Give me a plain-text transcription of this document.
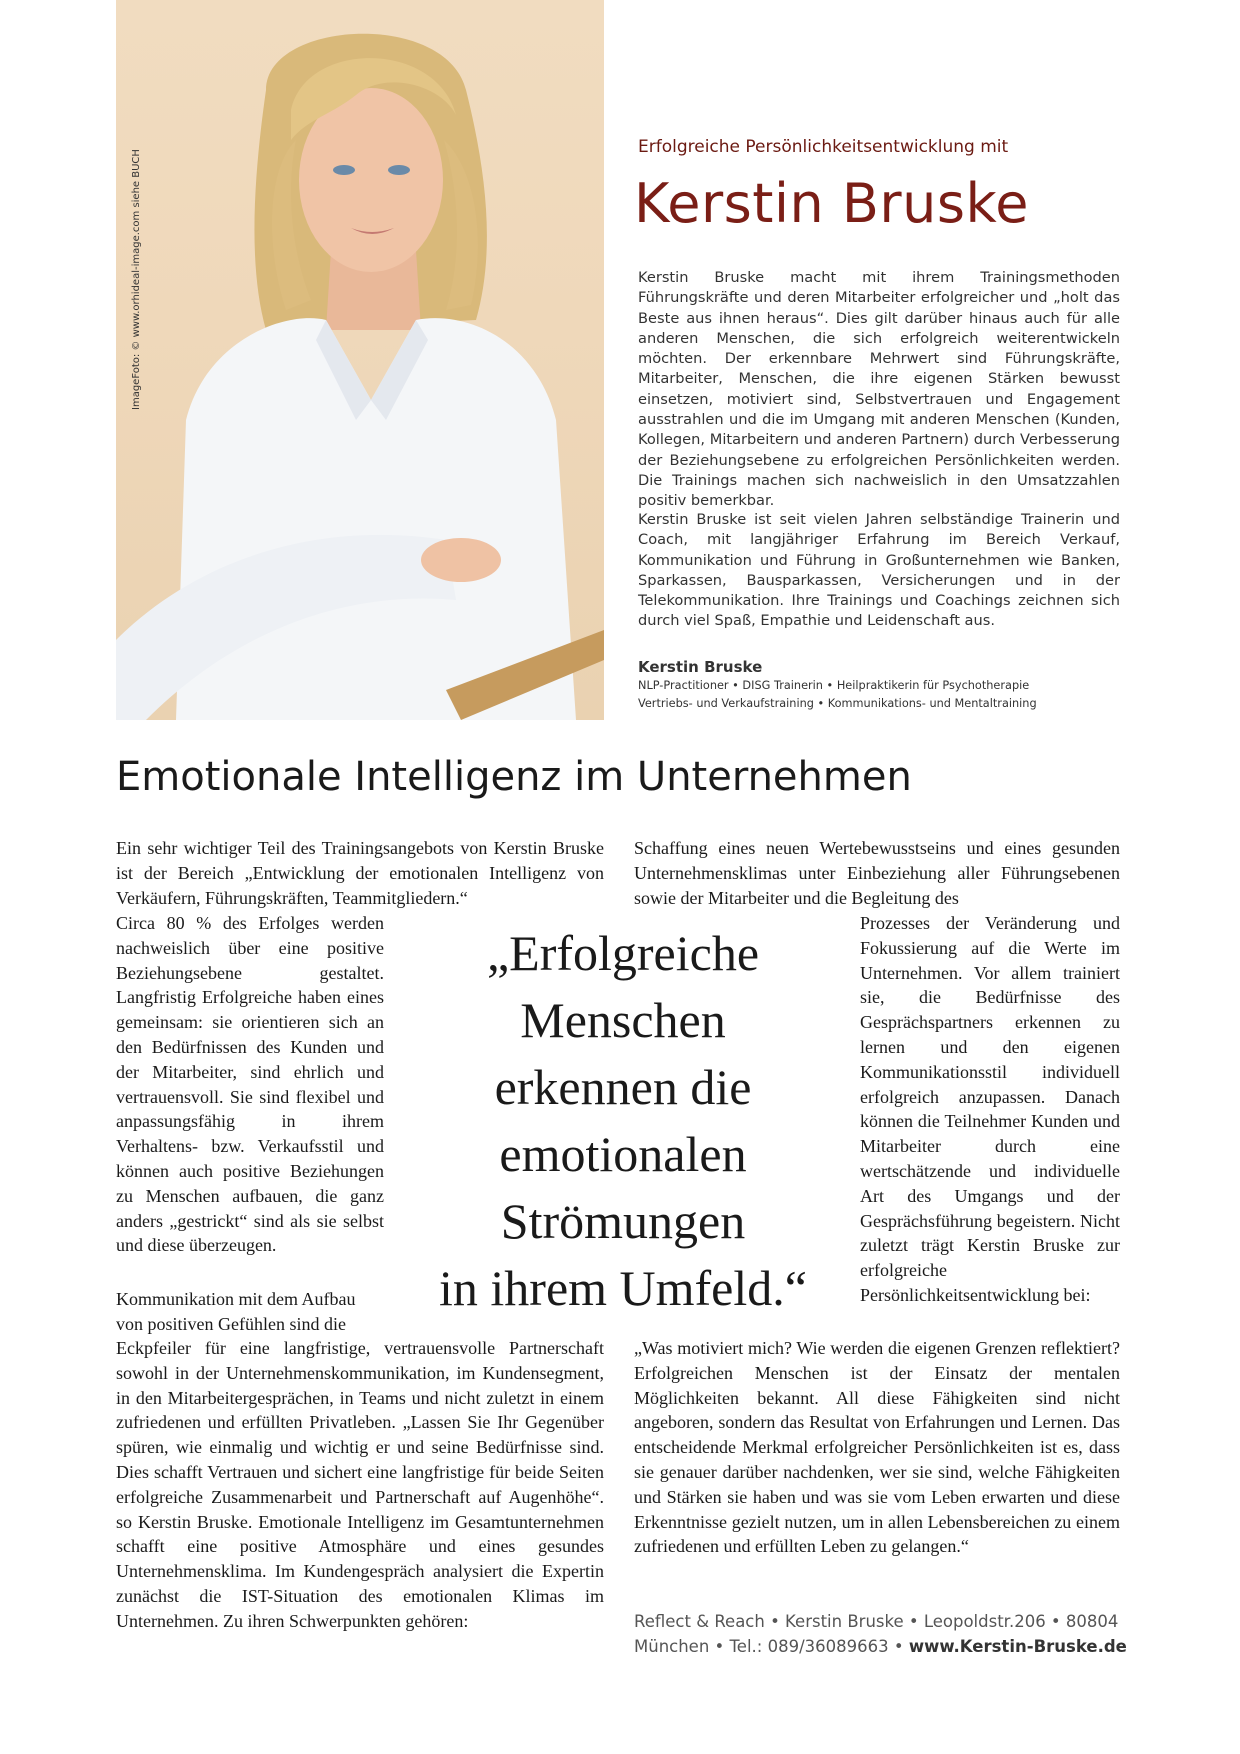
ImageFoto: © www.orhideal-image.com siehe BUCH
Erfolgreiche Persönlichkeitsentwicklung mit
Kerstin Bruske

Kerstin Bruske macht mit ihrem Trainingsmethoden Führungskräfte und deren Mitarbeiter erfolgreicher und „holt das Beste aus ihnen heraus“. Dies gilt darüber hinaus auch für alle anderen Menschen, die sich erfolgreich weiterentwickeln möchten. Der erkennbare Mehrwert sind Führungskräfte, Mitarbeiter, Menschen, die ihre eigenen Stärken bewusst einsetzen, motiviert sind, Selbstvertrauen und Engagement ausstrahlen und die im Umgang mit anderen Menschen (Kunden, Kollegen, Mitarbeitern und anderen Partnern) durch Verbesserung der Beziehungsebene zu erfolgreichen Persönlichkeiten werden. Die Trainings machen sich nachweislich in den Umsatzzahlen positiv bemerkbar.

Kerstin Bruske ist seit vielen Jahren selbständige Trainerin und Coach, mit langjähriger Erfahrung im Bereich Verkauf, Kommunikation und Führung in Großunternehmen wie Banken, Sparkassen, Bausparkassen, Versicherungen und in der Telekommunikation. Ihre Trainings und Coachings zeichnen sich durch viel Spaß, Empathie und Leidenschaft aus.

Kerstin Bruske
NLP-Practitioner • DISG Trainerin • Heilpraktikerin für Psychotherapie
Vertriebs- und Verkaufstraining • Kommunikations- und Mentaltraining
Emotionale Intelligenz im Unternehmen

Ein sehr wichtiger Teil des Trainingsangebots von Kerstin Bruske ist der Bereich „Entwicklung der emotionalen Intelligenz von Verkäufern, Führungskräften, Teammitgliedern.“

Circa 80 % des Erfolges werden nachweislich über eine positive Beziehungsebene gestaltet. Langfristig Erfolgreiche haben eines gemeinsam: sie orientieren sich an den Bedürfnissen des Kunden und der Mitarbeiter, sind ehrlich und vertrauensvoll. Sie sind flexibel und anpassungsfähig in ihrem Verhaltens- bzw. Verkaufsstil und können auch positive Beziehungen zu Menschen aufbauen, die ganz anders „gestrickt“ sind als sie selbst und diese überzeugen.

Kommunikation mit dem Aufbau von positiven Gefühlen sind die

Eckpfeiler für eine langfristige, vertrauensvolle Partnerschaft sowohl in der Unternehmenskommunikation, im Kundensegment, in den Mitarbeitergesprächen, in Teams und nicht zuletzt in einem zufriedenen und erfüllten Privatleben. „Lassen Sie Ihr Gegenüber spüren, wie einmalig und wichtig er und seine Bedürfnisse sind. Dies schafft Vertrauen und sichert eine langfristige für beide Seiten erfolgreiche Zusammenarbeit und Partnerschaft auf Augenhöhe“. so Kerstin Bruske. Emotionale Intelligenz im Gesamtunternehmen schafft eine positive Atmosphäre und eines gesundes Unternehmensklima. Im Kundengespräch analysiert die Expertin zunächst die IST-Situation des emotionalen Klimas im Unternehmen. Zu ihren Schwerpunkten gehören:

„Erfolgreiche
Menschen
erkennen die
emotionalen
Strömungen
in ihrem Umfeld.“

Schaffung eines neuen Wertebewusstseins und eines gesunden Unternehmensklimas unter Einbeziehung aller Führungsebenen sowie der Mitarbeiter und die Begleitung des

Prozesses der Veränderung und Fokussierung auf die Werte im Unternehmen. Vor allem trainiert sie, die Bedürfnisse des Gesprächspartners erkennen zu lernen und den eigenen Kommunikationsstil individuell erfolgreich anzupassen. Danach können die Teilnehmer Kunden und Mitarbeiter durch eine wertschätzende und individuelle Art des Umgangs und der Gesprächsführung begeistern. Nicht zuletzt trägt Kerstin Bruske zur erfolgreiche Persönlichkeitsentwicklung bei:

„Was motiviert mich? Wie werden die eigenen Grenzen reflektiert? Erfolgreichen Menschen ist der Einsatz der mentalen Möglichkeiten bekannt. All diese Fähigkeiten sind nicht angeboren, sondern das Resultat von Erfahrungen und Lernen. Das entscheidende Merkmal erfolgreicher Persönlichkeiten ist es, dass sie genauer darüber nachdenken, wer sie sind, welche Fähigkeiten und Stärken sie haben und was sie vom Leben erwarten und diese Erkenntnisse gezielt nutzen, um in allen Lebensbereichen zu einem zufriedenen und erfüllten Leben zu gelangen.“

Reflect & Reach • Kerstin Bruske • Leopoldstr.206 • 80804
München • Tel.: 089/36089663 • www.Kerstin-Bruske.de
